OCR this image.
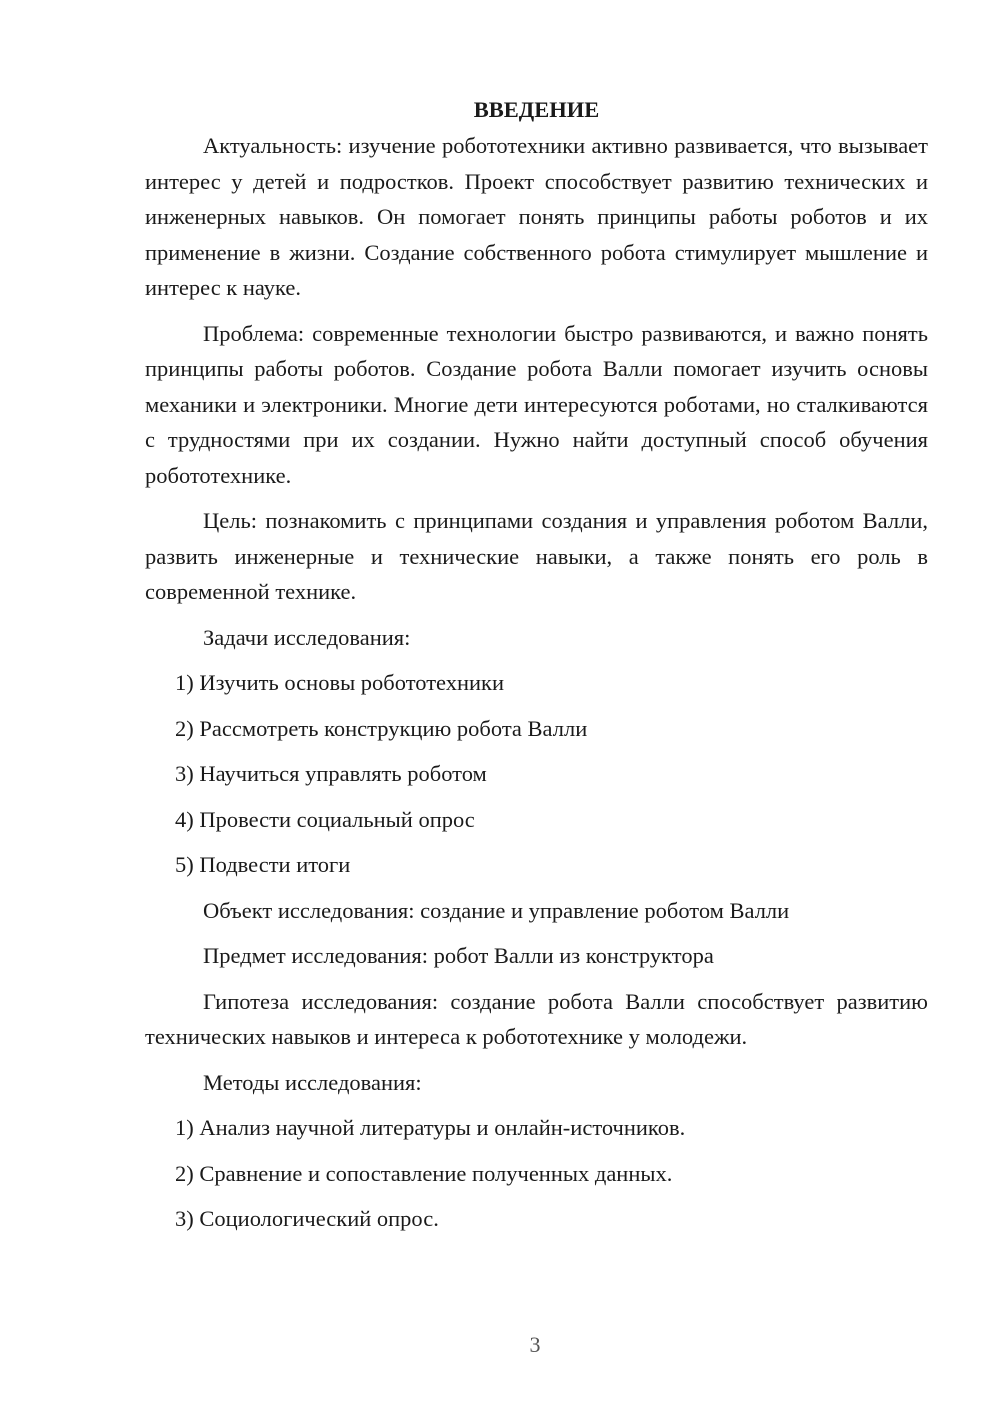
ВВЕДЕНИЕ

Актуальность: изучение робототехники активно развивается, что вызывает интерес у детей и подростков. Проект способствует развитию технических и инженерных навыков. Он помогает понять принципы работы роботов и их применение в жизни. Создание собственного робота стимулирует мышление и интерес к науке.

Проблема: современные технологии быстро развиваются, и важно понять принципы работы роботов. Создание робота Валли помогает изучить основы механики и электроники. Многие дети интересуются роботами, но сталкиваются с трудностями при их создании. Нужно найти доступный способ обучения робототехнике.

Цель: познакомить с принципами создания и управления роботом Валли, развить инженерные и технические навыки, а также понять его роль в современной технике.

Задачи исследования:
1) Изучить основы робототехники
2) Рассмотреть конструкцию робота Валли
3) Научиться управлять роботом
4) Провести социальный опрос
5) Подвести итоги
Объект исследования: создание и управление роботом Валли
Предмет исследования: робот Валли из конструктора

Гипотеза исследования: создание робота Валли способствует развитию технических навыков и интереса к робототехнике у молодежи.

Методы исследования:
1) Анализ научной литературы и онлайн-источников.
2) Сравнение и сопоставление полученных данных.
3) Социологический опрос.
3
